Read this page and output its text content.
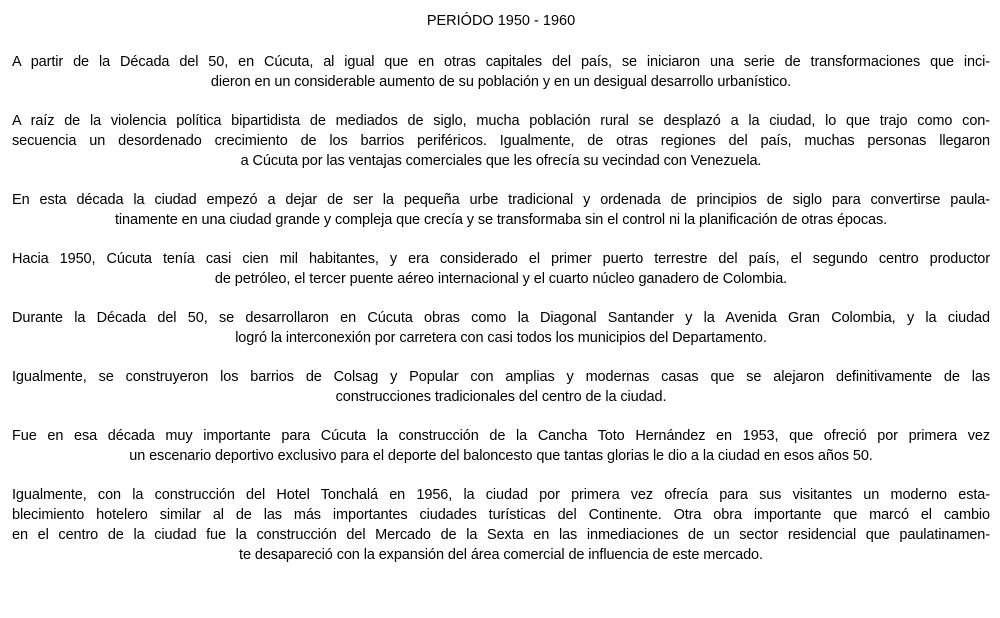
PERIÓDO 1950 - 1960
A partir de la Década del 50, en Cúcuta, al igual que en otras capitales del país, se iniciaron una serie de transformaciones que inci-
dieron en un considerable aumento de su población y en un desigual desarrollo urbanístico.
A raíz de la violencia política bipartidista de mediados de siglo, mucha población rural se desplazó a la ciudad, lo que trajo como con-
secuencia un desordenado crecimiento de los barrios periféricos. Igualmente, de otras regiones del país, muchas personas llegaron
a Cúcuta por las ventajas comerciales que les ofrecía su vecindad con Venezuela.
En esta década la ciudad empezó a dejar de ser la pequeña urbe tradicional y ordenada de principios de siglo para convertirse paula-
tinamente en una ciudad grande y compleja que crecía y se transformaba sin el control ni la planificación de otras épocas.
Hacia 1950, Cúcuta tenía casi cien mil habitantes, y era considerado el primer puerto terrestre del país, el segundo centro productor
de petróleo, el tercer puente aéreo internacional y el cuarto núcleo ganadero de Colombia.
Durante la Década del 50, se desarrollaron en Cúcuta obras como la Diagonal Santander y la Avenida Gran Colombia, y la ciudad
logró la interconexión por carretera con casi todos los municipios del Departamento.
Igualmente, se construyeron los barrios de Colsag y Popular con amplias y modernas casas que se alejaron definitivamente de las
construcciones tradicionales del centro de la ciudad.
Fue en esa década muy importante para Cúcuta la construcción de la Cancha Toto Hernández en 1953, que ofreció por primera vez
un escenario deportivo exclusivo para el deporte del baloncesto que tantas glorias le dio a la ciudad en esos años 50.
Igualmente, con la construcción del Hotel Tonchalá en 1956, la ciudad por primera vez ofrecía para sus visitantes un moderno esta-
blecimiento hotelero similar al de las más importantes ciudades turísticas del Continente. Otra obra importante que marcó el cambio
en el centro de la ciudad fue la construcción del Mercado de la Sexta en las inmediaciones de un sector residencial que paulatinamen-
te desapareció con la expansión del área comercial de influencia de este mercado.
